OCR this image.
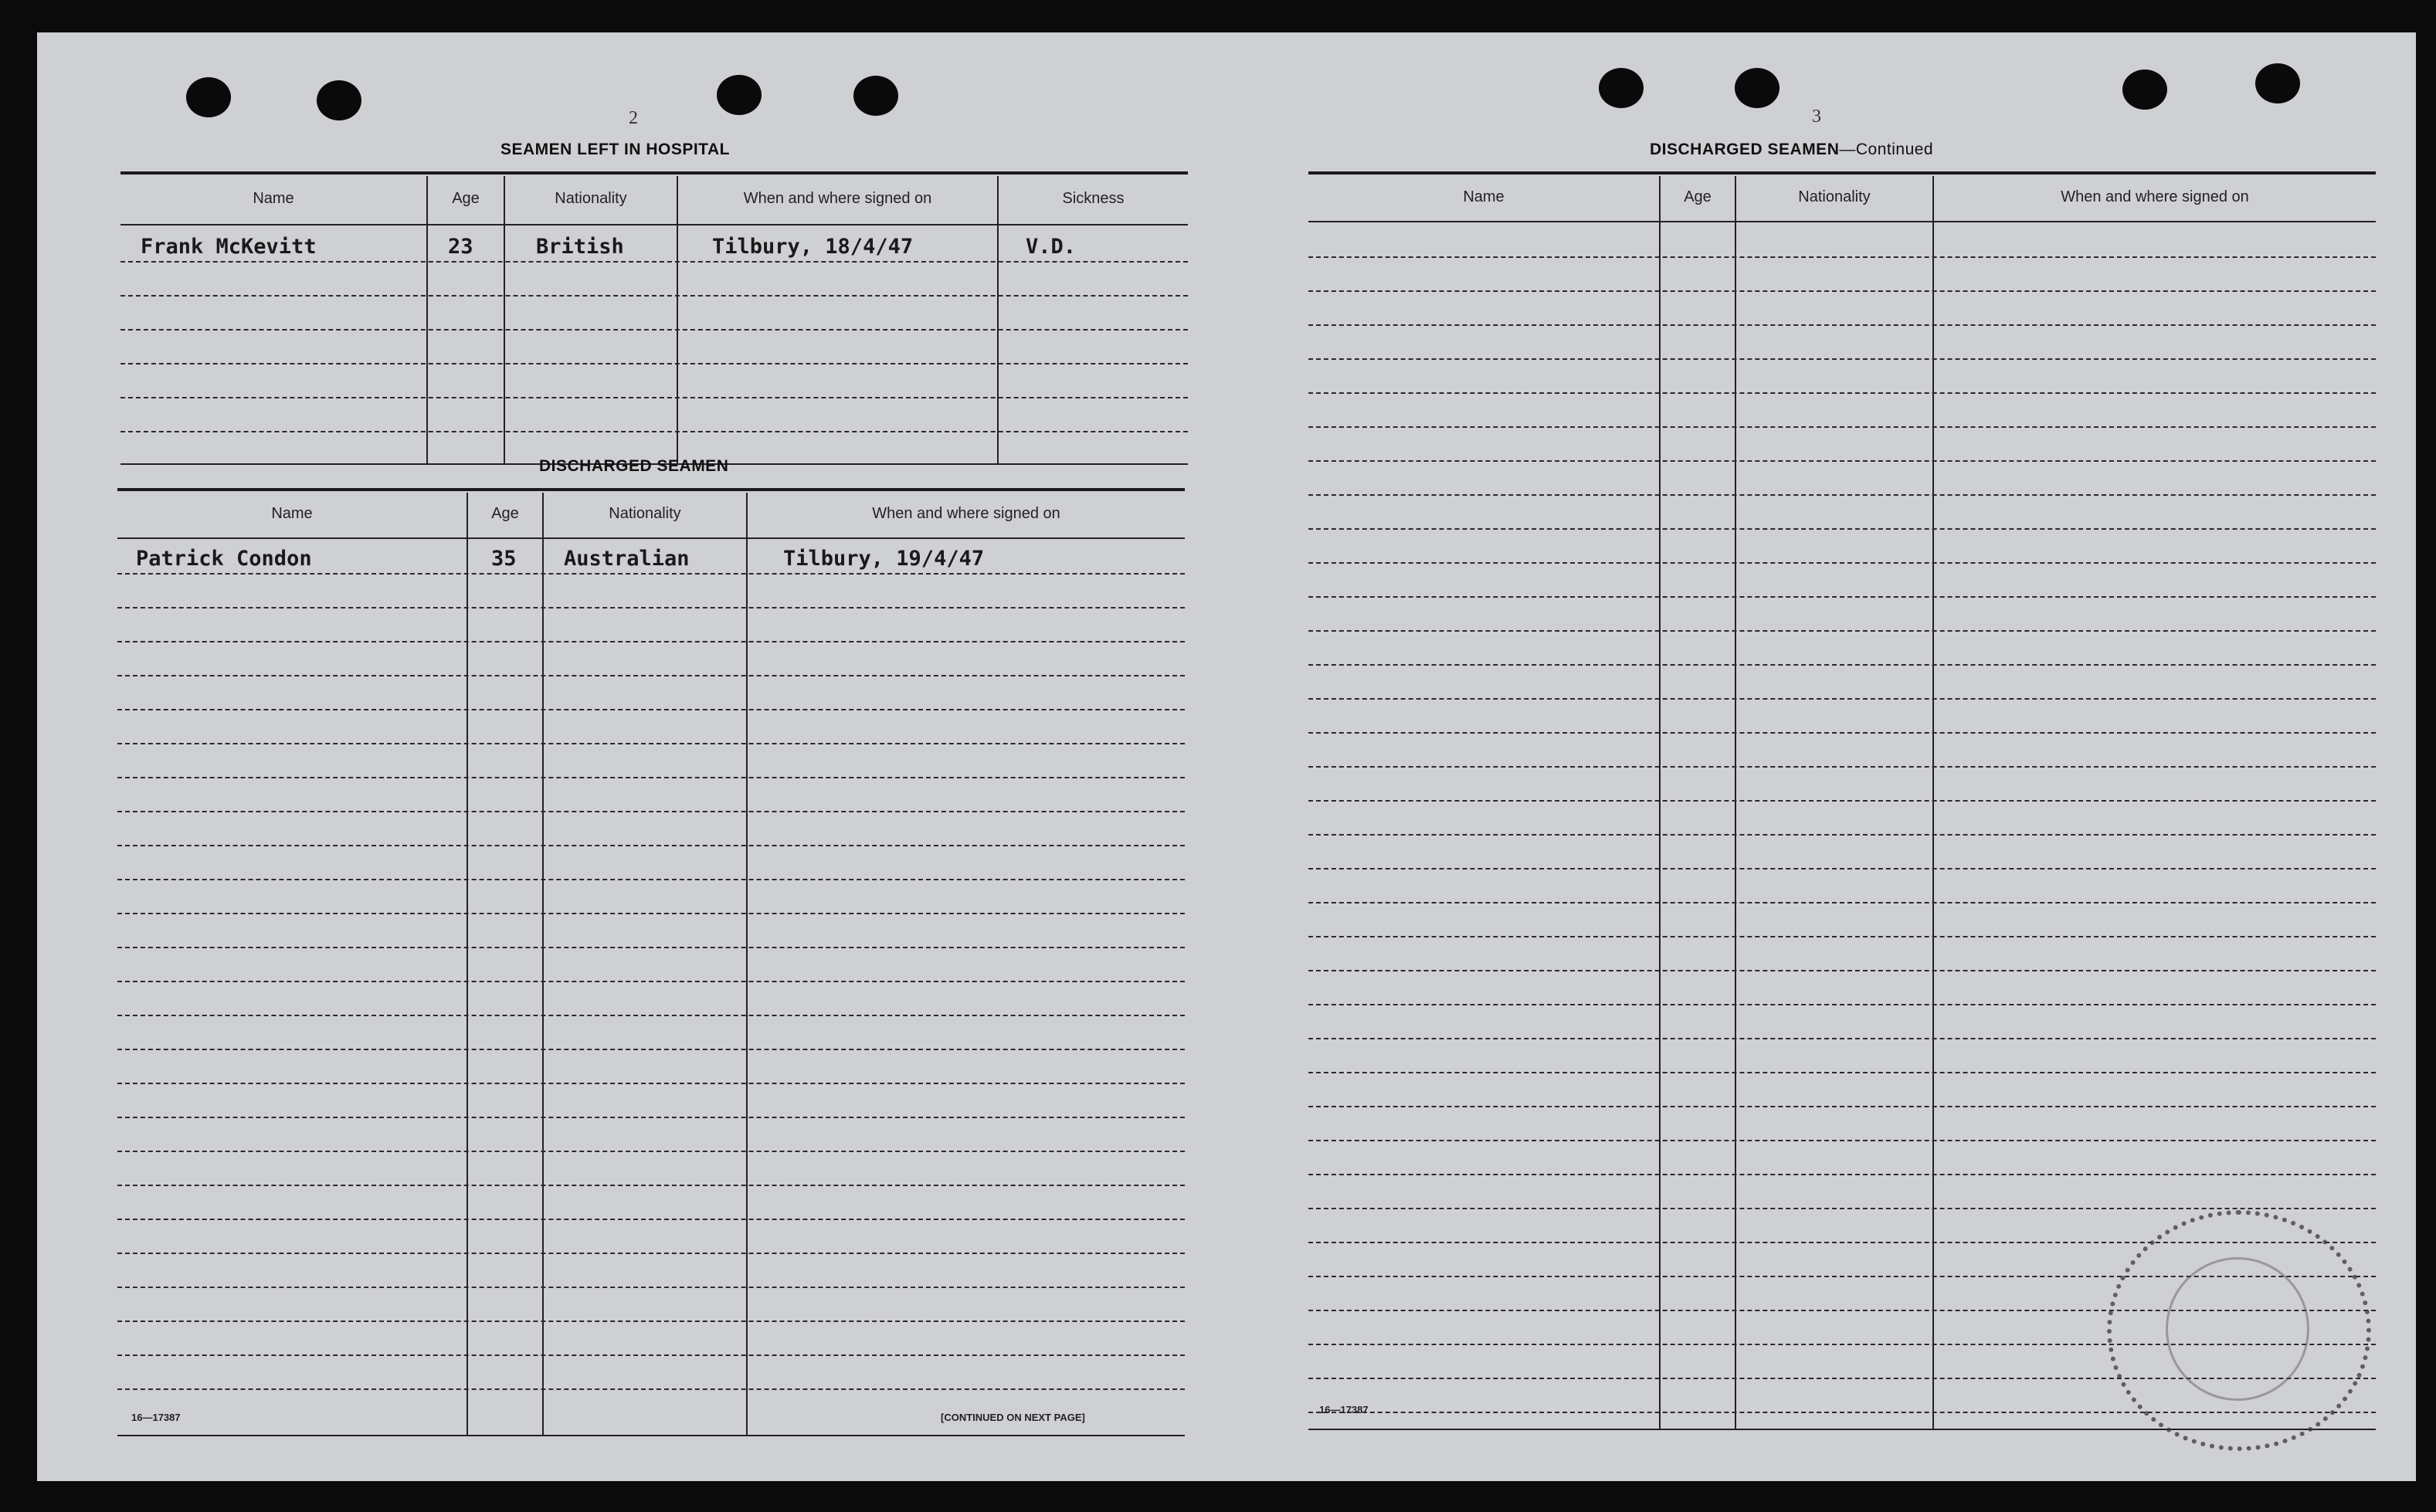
2
SEAMEN LEFT IN HOSPITAL
Name	Age	Nationality	When and where signed on	Sickness
Frank McKevitt	23	British	Tilbury, 18/4/47	V.D.
DISCHARGED SEAMEN
Name	Age	Nationality	When and where signed on
Patrick Condon	35 Australian	Tilbury, 19/4/47
16—17387	[CONTINUED ON NEXT PAGE]
3
DISCHARGED SEAMEN—Continued
Name	Age	Nationality	When and where signed on
16—17387
